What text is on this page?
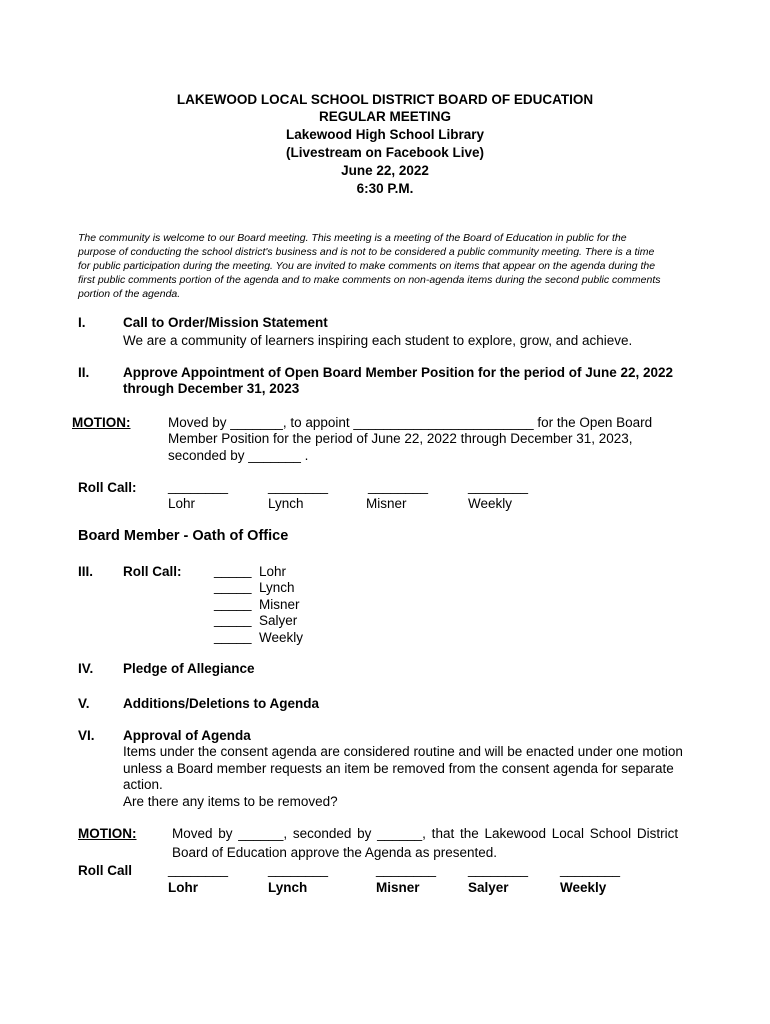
LAKEWOOD LOCAL SCHOOL DISTRICT BOARD OF EDUCATION
REGULAR MEETING
Lakewood High School Library
(Livestream on Facebook Live)
June 22, 2022
6:30 P.M.
The community is welcome to our Board meeting. This meeting is a meeting of the Board of Education in public for the
purpose of conducting the school district's business and is not to be considered a public community meeting. There is a time
for public participation during the meeting. You are invited to make comments on items that appear on the agenda during the
first public comments portion of the agenda and to make comments on non-agenda items during the second public comments
portion of the agenda.
I.	Call to Order/Mission Statement
We are a community of learners inspiring each student to explore, grow, and achieve.
II. Approve Appointment of Open Board Member Position for the period of June 22, 2022
through December 31, 2023
MOTION:	Moved by _______, to appoint ________________________ for the Open Board
Member Position for the period of June 22, 2022 through December 31, 2023,
seconded by _______ .
Roll Call: ________	________	________	________
Lohr	Lynch	Misner	Weekly
Board Member - Oath of Office
III. Roll Call: _____ Lohr
_____ Lynch
_____ Misner
_____ Salyer
_____ Weekly
IV. Pledge of Allegiance
V. Additions/Deletions to Agenda
VI. Approval of Agenda
Items under the consent agenda are considered routine and will be enacted under one motion
unless a Board member requests an item be removed from the consent agenda for separate
action.
Are there any items to be removed?
MOTION:	Moved by ______, seconded by ______, that the Lakewood Local School District
Board of Education approve the Agenda as presented.
Roll Call	________	________	________ ________ ________
Lohr	Lynch	Misner	Salyer	Weekly
